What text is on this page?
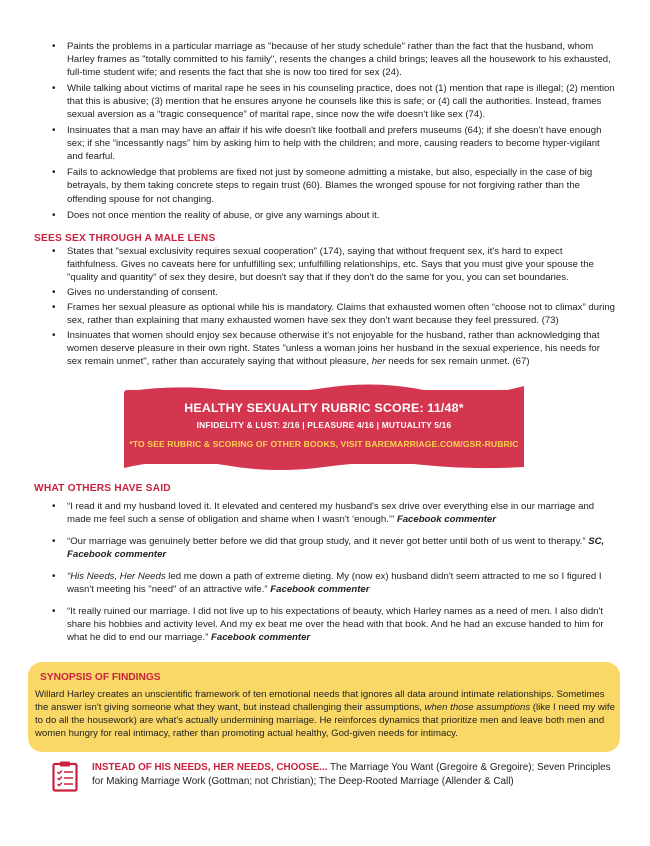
• Paints the problems in a particular marriage as "because of her study schedule" rather than the fact that the husband, whom Harley frames as "totally committed to his family", resents the changes a child brings; leaves all the housework to his exhausted, full-time student wife; and resents the fact that she is now too tired for sex (24).
• While talking about victims of marital rape he sees in his counseling practice, does not (1) mention that rape is illegal; (2) mention that this is abusive; (3) mention that he ensures anyone he counsels like this is safe; or (4) call the authorities. Instead, frames sexual aversion as a “tragic consequence” of marital rape, since now the wife doesn’t like sex (74).
• Insinuates that a man may have an affair if his wife doesn't like football and prefers museums (64); if she doesn’t have enough sex; if she “incessantly nags” him by asking him to help with the children; and more, causing readers to become hyper-vigilant and fearful.
• Fails to acknowledge that problems are fixed not just by someone admitting a mistake, but also, especially in the case of big betrayals, by them taking concrete steps to regain trust (60). Blames the wronged spouse for not forgiving rather than the offending spouse for not changing.
• Does not once mention the reality of abuse, or give any warnings about it.
SEES SEX THROUGH A MALE LENS
• States that "sexual exclusivity requires sexual cooperation" (174), saying that without frequent sex, it's hard to expect faithfulness. Gives no caveats here for unfulfilling sex; unfulfilling relationships, etc. Says that you must give your spouse the "quality and quantity" of sex they desire, but doesn't say that if they don't do the same for you, you can set boundaries.
• Gives no understanding of consent.
• Frames her sexual pleasure as optional while his is mandatory. Claims that exhausted women often “choose not to climax” during sex, rather than explaining that many exhausted women have sex they don’t want because they feel pressured. (73)
• Insinuates that women should enjoy sex because otherwise it's not enjoyable for the husband, rather than acknowledging that women deserve pleasure in their own right. States "unless a woman joins her husband in the sexual experience, his needs for sex remain unmet", rather than accurately saying that without pleasure, her needs for sex remain unmet. (67)
HEALTHY SEXUALITY RUBRIC SCORE: 11/48*
INFIDELITY & LUST: 2/16 | PLEASURE 4/16 | MUTUALITY 5/16
*TO SEE RUBRIC & SCORING OF OTHER BOOKS, VISIT BAREMARRIAGE.COM/GSR-RUBRIC
WHAT OTHERS HAVE SAID
• “I read it and my husband loved it. It elevated and centered my husband's sex drive over everything else in our marriage and made me feel such a sense of obligation and shame when I wasn't ‘enough.’” Facebook commenter
• “Our marriage was genuinely better before we did that group study, and it never got better until both of us went to therapy.” SC, Facebook commenter
• “His Needs, Her Needs led me down a path of extreme dieting. My (now ex) husband didn't seem attracted to me so I figured I wasn't meeting his "need" of an attractive wife.” Facebook commenter
• “It really ruined our marriage. I did not live up to his expectations of beauty, which Harley names as a need of men. I also didn't share his hobbies and activity level. And my ex beat me over the head with that book. And he had an excuse handed to him for what he did to end our marriage.” Facebook commenter
SYNOPSIS OF FINDINGS
Willard Harley creates an unscientific framework of ten emotional needs that ignores all data around intimate relationships. Sometimes the answer isn't giving someone what they want, but instead challenging their assumptions, when those assumptions (like I need my wife to do all the housework) are what's actually undermining marriage. He reinforces dynamics that prioritize men and leave both men and women hungry for real intimacy, rather than promoting actual healthy, God-given needs for intimacy.
INSTEAD OF HIS NEEDS, HER NEEDS, CHOOSE... The Marriage You Want (Gregoire & Gregoire); Seven Principles for Making Marriage Work (Gottman; not Christian); The Deep-Rooted Marriage (Allender & Call)
